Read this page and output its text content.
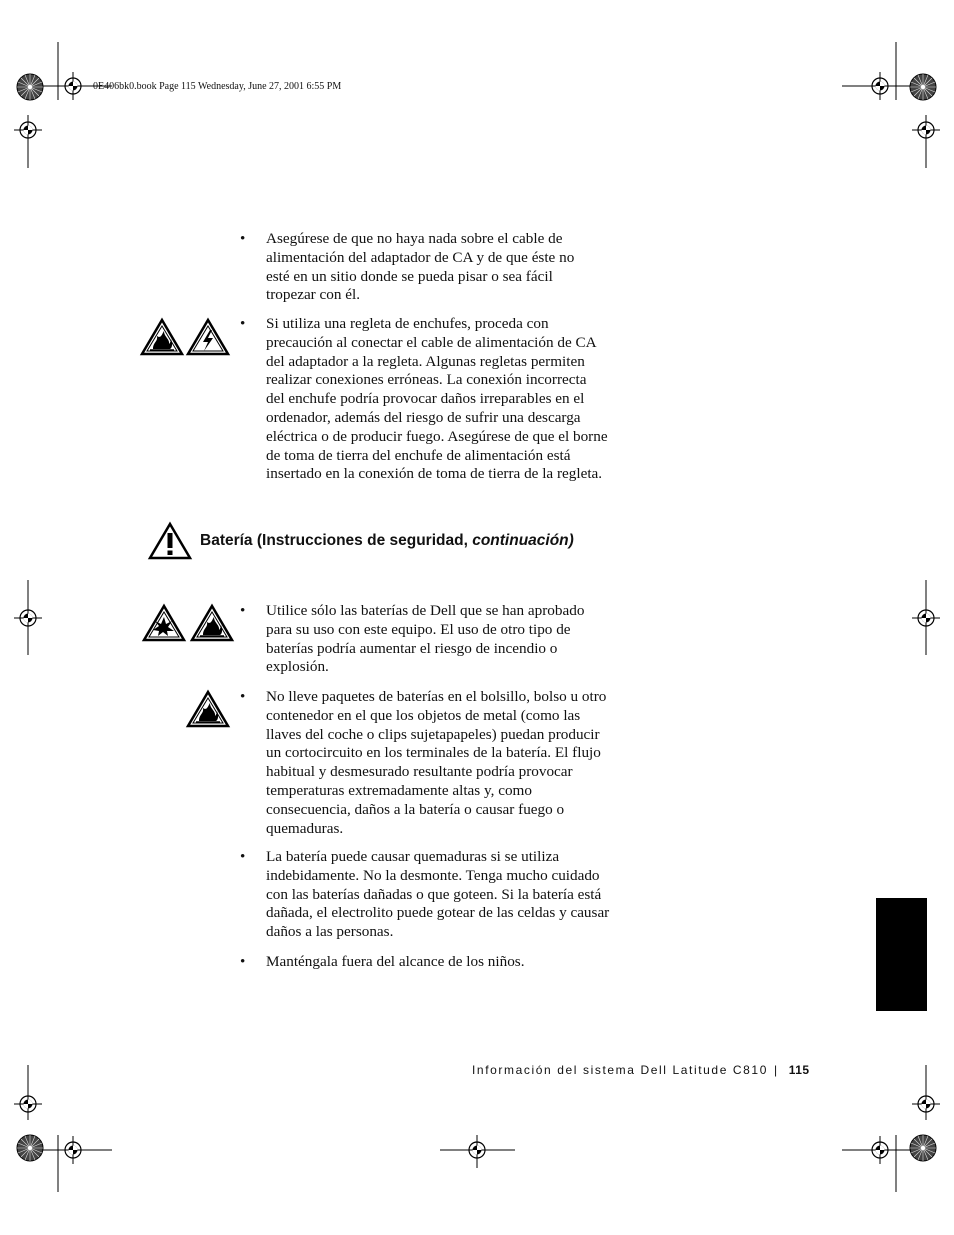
0E406bk0.book Page 115 Wednesday, June 27, 2001 6:55 PM
• Asegúrese de que no haya nada sobre el cable de
alimentación del adaptador de CA y de que éste no
esté en un sitio donde se pueda pisar o sea fácil
tropezar con él.
• Si utiliza una regleta de enchufes, proceda con
precaución al conectar el cable de alimentación de CA
del adaptador a la regleta. Algunas regletas permiten
realizar conexiones erróneas. La conexión incorrecta
del enchufe podría provocar daños irreparables en el
ordenador, además del riesgo de sufrir una descarga
eléctrica o de producir fuego. Asegúrese de que el borne
de toma de tierra del enchufe de alimentación está
insertado en la conexión de toma de tierra de la regleta.
Batería (Instrucciones de seguridad, continuación)
• Utilice sólo las baterías de Dell que se han aprobado
para su uso con este equipo. El uso de otro tipo de
baterías podría aumentar el riesgo de incendio o
explosión.
• No lleve paquetes de baterías en el bolsillo, bolso u otro
contenedor en el que los objetos de metal (como las
llaves del coche o clips sujetapapeles) puedan producir
un cortocircuito en los terminales de la batería. El flujo
habitual y desmesurado resultante podría provocar
temperaturas extremadamente altas y, como
consecuencia, daños a la batería o causar fuego o
quemaduras.
• La batería puede causar quemaduras si se utiliza
indebidamente. No la desmonte. Tenga mucho cuidado
con las baterías dañadas o que goteen. Si la batería está
dañada, el electrolito puede gotear de las celdas y causar
daños a las personas.
• Manténgala fuera del alcance de los niños.
Información del sistema Dell Latitude C810 | 115
